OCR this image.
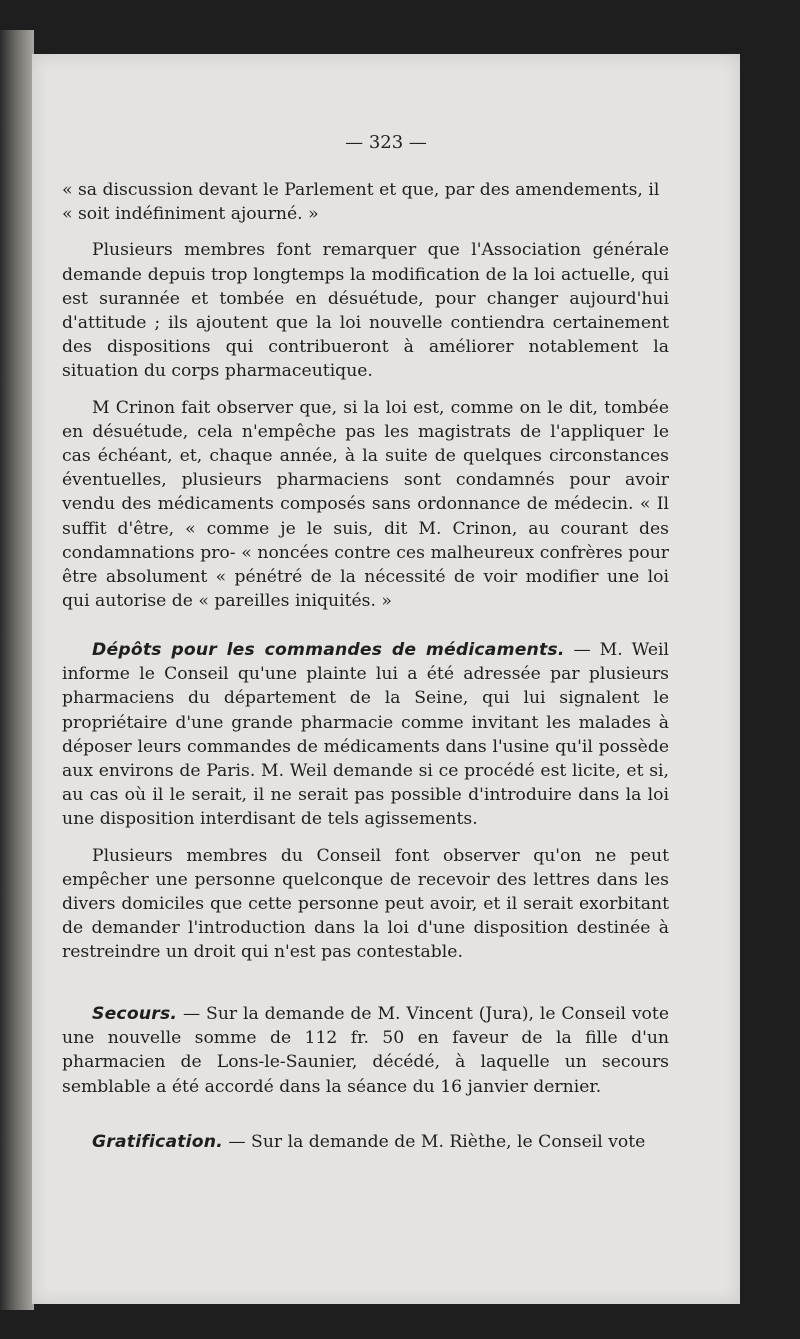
— 323 —

« sa discussion devant le Parlement et que, par des amendements, il

« soit indéfiniment ajourné. »

Plusieurs membres font remarquer que l'Association générale demande depuis trop longtemps la modification de la loi actuelle, qui est surannée et tombée en désuétude, pour changer aujourd'hui d'attitude ; ils ajoutent que la loi nouvelle contiendra certainement des dispositions qui contribueront à améliorer notablement la situation du corps pharmaceutique.

M Crinon fait observer que, si la loi est, comme on le dit, tombée en désuétude, cela n'empêche pas les magistrats de l'appliquer le cas échéant, et, chaque année, à la suite de quelques circonstances éventuelles, plusieurs pharmaciens sont condamnés pour avoir vendu des médicaments composés sans ordonnance de médecin. « Il suffit d'être, « comme je le suis, dit M. Crinon, au courant des condamnations pro- « noncées contre ces malheureux confrères pour être absolument « pénétré de la nécessité de voir modifier une loi qui autorise de « pareilles iniquités. »

Dépôts pour les commandes de médicaments. — M. Weil informe le Conseil qu'une plainte lui a été adressée par plusieurs pharmaciens du département de la Seine, qui lui signalent le propriétaire d'une grande pharmacie comme invitant les malades à déposer leurs commandes de médicaments dans l'usine qu'il possède aux environs de Paris. M. Weil demande si ce procédé est licite, et si, au cas où il le serait, il ne serait pas possible d'introduire dans la loi une disposition interdisant de tels agissements.

Plusieurs membres du Conseil font observer qu'on ne peut empêcher une personne quelconque de recevoir des lettres dans les divers domiciles que cette personne peut avoir, et il serait exorbitant de demander l'introduction dans la loi d'une disposition destinée à restreindre un droit qui n'est pas contestable.

Secours. — Sur la demande de M. Vincent (Jura), le Conseil vote une nouvelle somme de 112 fr. 50 en faveur de la fille d'un pharmacien de Lons-le-Saunier, décédé, à laquelle un secours semblable a été accordé dans la séance du 16 janvier dernier.

Gratification. — Sur la demande de M. Rièthe, le Conseil vote
